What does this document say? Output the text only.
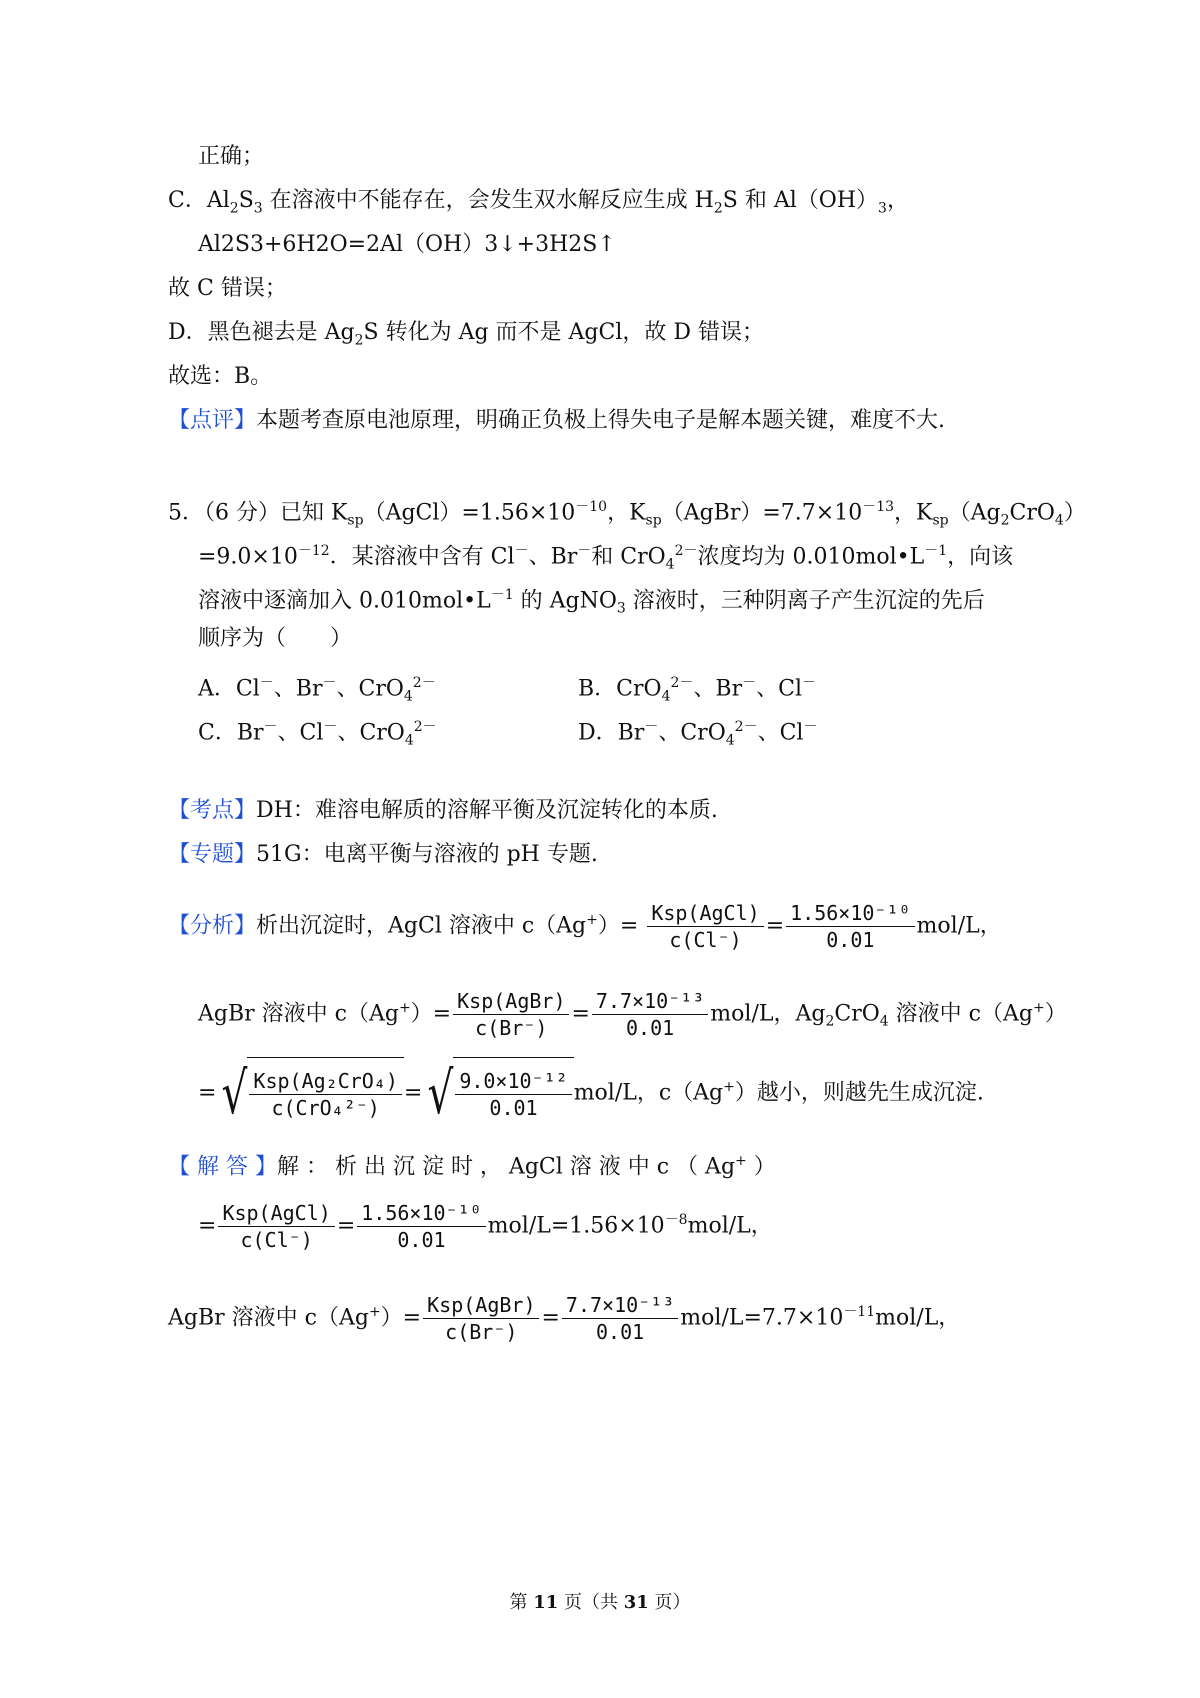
正确；
C．$Al_2S_3$ 在溶液中不能存在，会发生双水解反应生成 $H_2S$ 和 $Al(OH)_3$，
Al2S3+6H2O=2Al（OH）3↓+3H2S↑
故 C 错误；
D．黑色褪去是 $Ag_2S$ 转化为 Ag 而不是 AgCl，故 D 错误；
故选：B。
【点评】本题考查原电池原理，明确正负极上得失电子是解本题关键，难度不大.
5．（6 分）已知 $K_{sp}(AgCl)=1.56\times 10^{-10}$，$K_{sp}(AgBr)=7.7\times 10^{-13}$，$K_{sp}(Ag_2CrO_4)$
$=9.0\times 10^{-12}$．某溶液中含有 Cl－、Br－和 CrO$_4^{2-}$浓度均为 $0.010mol•L^{-1}$，向该
溶液中逐滴加入 $0.010mol•L^{-1}$ 的 AgNO$_3$ 溶液时，三种阴离子产生沉淀的先后
顺序为（　　）
A．Cl－、Br－、CrO$_4^{2-}$	B．CrO$_4^{2-}$、Br－、Cl－
C．Br－、Cl－、CrO$_4^{2-}$	D．Br－、CrO$_4^{2-}$、Cl－
【考点】DH：难溶电解质的溶解平衡及沉淀转化的本质.
【专题】51G：电离平衡与溶液的 pH 专题.
【分析】析出沉淀时，AgCl 溶液中 $c(Ag^+)= \frac{\text{Ksp(AgCl)}}{c(Cl^-)} = \frac{\text{1.56×10⁻¹⁰}}{0.01} mol/L$，
AgBr 溶液中 $c(Ag^+)= \frac{\text{Ksp(AgBr)}}{c(Br^-)} = \frac{\text{7.7×10⁻¹³}}{0.01} mol/L$，$Ag_2CrO_4$ 溶液中 c（Ag+）
= √ $\frac{\text{Ksp(Ag₂CrO₄)}}{\text{c(CrO₄²⁻)}}$ = √ $\frac{\text{9.0×10⁻¹²}}{0.01} mol/L$，c（Ag+）越小，则越先生成沉淀.
【 解 答 】解 ： 析 出 沉 淀 时 ， AgCl 溶 液 中 c （ Ag+ ）
= $\frac{\text{Ksp(AgCl)}}{c(Cl^-)} = \frac{\text{1.56×10⁻¹⁰}}{0.01} mol/L=1.56\times 10^{-8}mol/L$，
AgBr 溶液中 $c(Ag^+)= \frac{\text{Ksp(AgBr)}}{c(Br^-)} = \frac{\text{7.7×10⁻¹³}}{0.01} mol/L=7.7\times 10^{-11}mol/L$，
第 11 页（共 31 页）
